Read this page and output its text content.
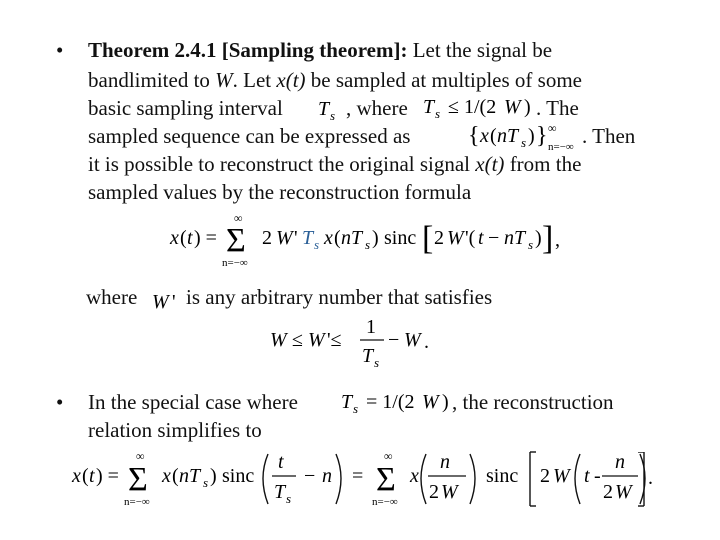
• Theorem 2.4.1 [Sampling theorem]: Let the signal be
bandlimited to W. Let x(t) be sampled at multiples of some
basic sampling interval T s , where T s ≤ 1/(2 W ) . The
sampled sequence can be expressed as { x ( nT s ) } ∞
n=−∞ . Then
it is possible to reconstruct the original signal x(t) from the
sampled values by the reconstruction formula
x ( t ) =
∞
Σ
n=−∞
2 W ' T s x ( nT s ) sinc [ 2 W '( t − nT s ) ] ,
where W ' is any arbitrary number that satisfies
W ≤ W '≤
1
T s
− W .
• In the special case where T s = 1/(2 W ) , the reconstruction
relation simplifies to
x ( t ) =
∞
Σ
n=−∞
x ( nT s ) sinc
t
T s
− n =
∞
Σ
n=−∞
x
n
2 W
sinc 2 W t -
n
2 W
.
